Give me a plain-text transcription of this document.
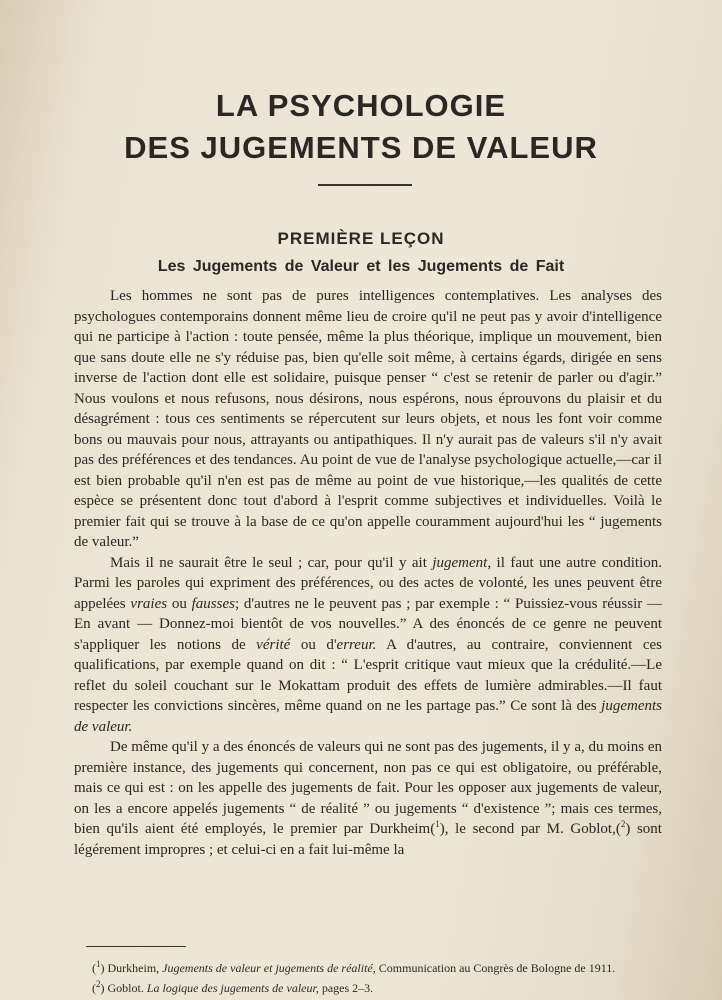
LA PSYCHOLOGIE
DES JUGEMENTS DE VALEUR
PREMIÈRE LEÇON
Les Jugements de Valeur et les Jugements de Fait

Les hommes ne sont pas de pures intelligences contemplatives. Les analyses des psychologues contemporains donnent même lieu de croire qu'il ne peut pas y avoir d'intelligence qui ne participe à l'action : toute pensée, même la plus théorique, implique un mouvement, bien que sans doute elle ne s'y réduise pas, bien qu'elle soit même, à certains égards, dirigée en sens inverse de l'action dont elle est solidaire, puisque penser “ c'est se retenir de parler ou d'agir.” Nous voulons et nous refusons, nous désirons, nous espérons, nous éprouvons du plaisir et du désagrément : tous ces sentiments se répercutent sur leurs objets, et nous les font voir comme bons ou mauvais pour nous, attrayants ou antipathiques. Il n'y aurait pas de valeurs s'il n'y avait pas des préférences et des tendances. Au point de vue de l'analyse psychologique actuelle,—car il est bien probable qu'il n'en est pas de même au point de vue historique,—les qualités de cette espèce se présentent donc tout d'abord à l'esprit comme subjectives et individuelles. Voilà le premier fait qui se trouve à la base de ce qu'on appelle couramment aujourd'hui les “ jugements de valeur.”

Mais il ne saurait être le seul ; car, pour qu'il y ait jugement, il faut une autre condition. Parmi les paroles qui expriment des préférences, ou des actes de volonté, les unes peuvent être appelées vraies ou fausses; d'autres ne le peuvent pas ; par exemple : “ Puissiez-vous réussir —En avant — Donnez-moi bientôt de vos nouvelles.” A des énoncés de ce genre ne peuvent s'appliquer les notions de vérité ou d'erreur. A d'autres, au contraire, conviennent ces qualifications, par exemple quand on dit : “ L'esprit critique vaut mieux que la crédulité.—Le reflet du soleil couchant sur le Mokattam produit des effets de lumière admirables.—Il faut respecter les convictions sincères, même quand on ne les partage pas.” Ce sont là des jugements de valeur.

De même qu'il y a des énoncés de valeurs qui ne sont pas des jugements, il y a, du moins en première instance, des jugements qui concernent, non pas ce qui est obligatoire, ou préférable, mais ce qui est : on les appelle des jugements de fait. Pour les opposer aux jugements de valeur, on les a encore appelés jugements “ de réalité ” ou jugements “ d'existence ”; mais ces termes, bien qu'ils aient été employés, le premier par Durkheim($^1$), le second par M. Goblot,($^2$) sont légérement impropres ; et celui-ci en a fait lui-même la

($^1$) Durkheim, Jugements de valeur et jugements de réalité, Communication au Congrès de Bologne de 1911.
($^2$) Goblot. La logique des jugements de valeur, pages 2–3.
